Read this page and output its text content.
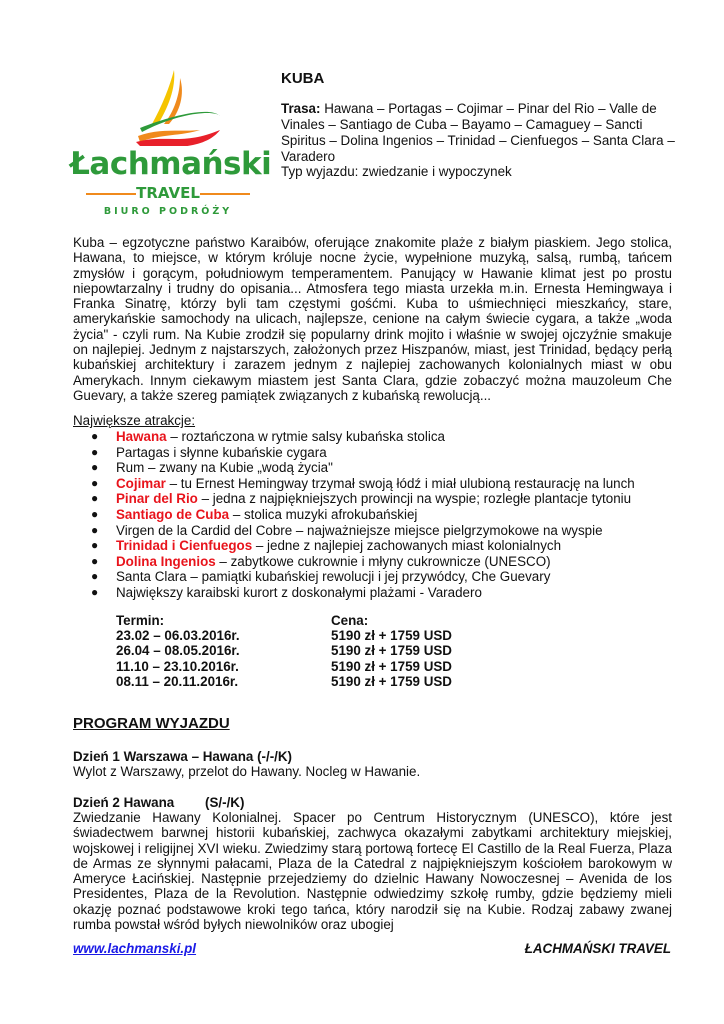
Łachmański
TRAVEL
BIURO PODRÓŻY
KUBA
Trasa: Hawana – Portagas – Cojimar – Pinar del Rio – Valle de Vinales – Santiago de Cuba – Bayamo – Camaguey – Sancti Spiritus – Dolina Ingenios – Trinidad – Cienfuegos – Santa Clara – Varadero
Typ wyjazdu: zwiedzanie i wypoczynek
Kuba – egzotyczne państwo Karaibów, oferujące znakomite plaże z białym piaskiem. Jego stolica, Hawana, to miejsce, w którym króluje nocne życie, wypełnione muzyką, salsą, rumbą, tańcem zmysłów i gorącym, południowym temperamentem. Panujący w Hawanie klimat jest po prostu niepowtarzalny i trudny do opisania... Atmosfera tego miasta urzekła m.in. Ernesta Hemingwaya i Franka Sinatrę, którzy byli tam częstymi gośćmi. Kuba to uśmiechnięci mieszkańcy, stare, amerykańskie samochody na ulicach, najlepsze, cenione na całym świecie cygara, a także „woda życia" - czyli rum. Na Kubie zrodził się popularny drink mojito i właśnie w swojej ojczyźnie smakuje on najlepiej. Jednym z najstarszych, założonych przez Hiszpanów, miast, jest Trinidad, będący perłą kubańskiej architektury i zarazem jednym z najlepiej zachowanych kolonialnych miast w obu Amerykach. Innym ciekawym miastem jest Santa Clara, gdzie zobaczyć można mauzoleum Che Guevary, a także szereg pamiątek związanych z kubańską rewolucją...
Największe atrakcje:
● Hawana – roztańczona w rytmie salsy kubańska stolica
● Partagas i słynne kubańskie cygara
● Rum – zwany na Kubie „wodą życia"
● Cojimar – tu Ernest Hemingway trzymał swoją łódź i miał ulubioną restaurację na lunch
● Pinar del Rio – jedna z najpiękniejszych prowincji na wyspie; rozległe plantacje tytoniu
● Santiago de Cuba – stolica muzyki afrokubańskiej
● Virgen de la Cardid del Cobre – najważniejsze miejsce pielgrzymokowe na wyspie
● Trinidad i Cienfuegos – jedne z najlepiej zachowanych miast kolonialnych
● Dolina Ingenios – zabytkowe cukrownie i młyny cukrownicze (UNESCO)
● Santa Clara – pamiątki kubańskiej rewolucji i jej przywódcy, Che Guevary
● Największy karaibski kurort z doskonałymi plażami - Varadero
Termin:	Cena:
23.02 – 06.03.2016r.	5190 zł + 1759 USD
26.04 – 08.05.2016r.	5190 zł + 1759 USD
11.10 – 23.10.2016r.	5190 zł + 1759 USD
08.11 – 20.11.2016r.	5190 zł + 1759 USD
PROGRAM WYJAZDU
Dzień 1 Warszawa – Hawana (-/-/K)
Wylot z Warszawy, przelot do Hawany. Nocleg w Hawanie.
Dzień 2 Hawana (S/-/K)
Zwiedzanie Hawany Kolonialnej. Spacer po Centrum Historycznym (UNESCO), które jest świadectwem barwnej historii kubańskiej, zachwyca okazałymi zabytkami architektury miejskiej, wojskowej i religijnej XVI wieku. Zwiedzimy starą portową fortecę El Castillo de la Real Fuerza, Plaza de Armas ze słynnymi pałacami, Plaza de la Catedral z najpiękniejszym kościołem barokowym w Ameryce Łacińskiej. Następnie przejedziemy do dzielnic Hawany Nowoczesnej – Avenida de los Presidentes, Plaza de la Revolution. Następnie odwiedzimy szkołę rumby, gdzie będziemy mieli okazję poznać podstawowe kroki tego tańca, który narodził się na Kubie. Rodzaj zabawy zwanej rumba powstał wśród byłych niewolników oraz ubogiej
www.lachmanski.pl	ŁACHMAŃSKI TRAVEL
